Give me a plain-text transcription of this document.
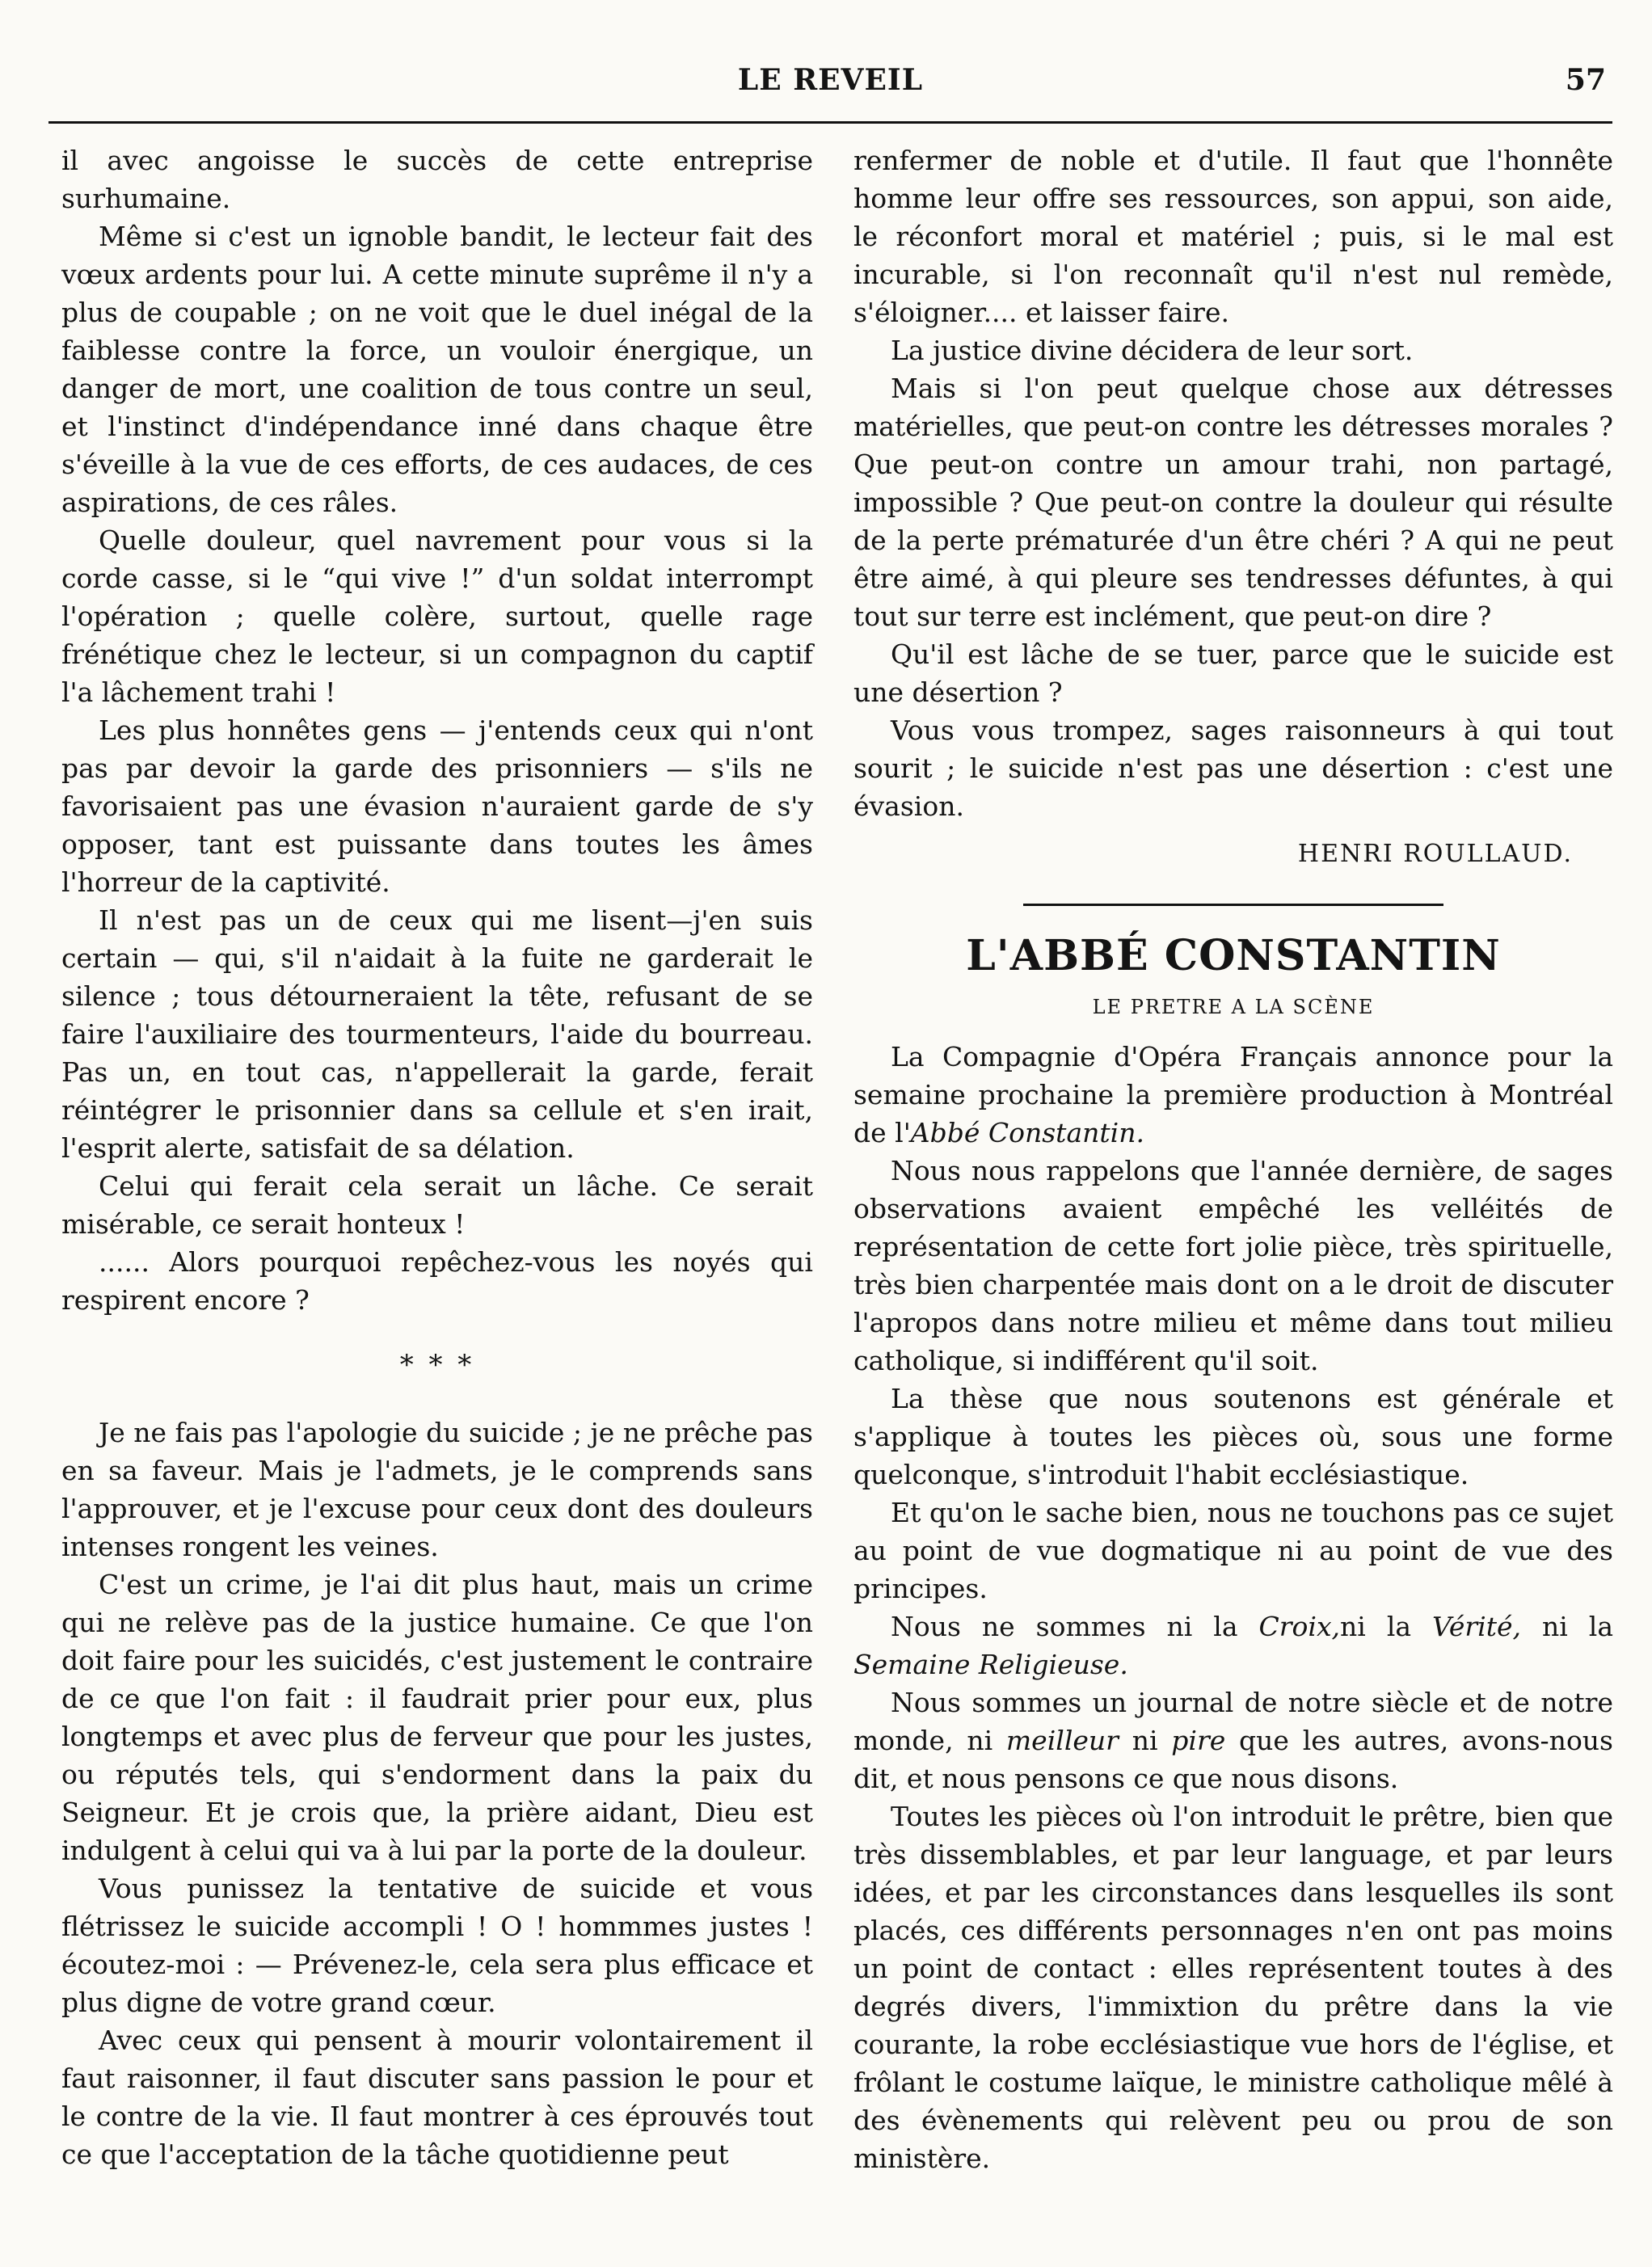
LE REVEIL	57

il avec angoisse le succès de cette entreprise surhumaine.

Même si c'est un ignoble bandit, le lecteur fait des vœux ardents pour lui. A cette minute suprême il n'y a plus de coupable ; on ne voit que le duel inégal de la faiblesse contre la force, un vouloir énergique, un danger de mort, une coalition de tous contre un seul, et l'instinct d'indépendance inné dans chaque être s'éveille à la vue de ces efforts, de ces audaces, de ces aspirations, de ces râles.

Quelle douleur, quel navrement pour vous si la corde casse, si le “qui vive !” d'un soldat interrompt l'opération ; quelle colère, surtout, quelle rage frénétique chez le lecteur, si un compagnon du captif l'a lâchement trahi !

Les plus honnêtes gens — j'entends ceux qui n'ont pas par devoir la garde des prisonniers — s'ils ne favorisaient pas une évasion n'auraient garde de s'y opposer, tant est puissante dans toutes les âmes l'horreur de la captivité.

Il n'est pas un de ceux qui me lisent—j'en suis certain — qui, s'il n'aidait à la fuite ne garderait le silence ; tous détourneraient la tête, refusant de se faire l'auxiliaire des tourmenteurs, l'aide du bourreau. Pas un, en tout cas, n'appellerait la garde, ferait réintégrer le prisonnier dans sa cellule et s'en irait, l'esprit alerte, satisfait de sa délation.

Celui qui ferait cela serait un lâche. Ce serait misérable, ce serait honteux !

...... Alors pourquoi repêchez-vous les noyés qui respirent encore ?

* * *

Je ne fais pas l'apologie du suicide ; je ne prêche pas en sa faveur. Mais je l'admets, je le comprends sans l'approuver, et je l'excuse pour ceux dont des douleurs intenses rongent les veines.

C'est un crime, je l'ai dit plus haut, mais un crime qui ne relève pas de la justice humaine. Ce que l'on doit faire pour les suicidés, c'est justement le contraire de ce que l'on fait : il faudrait prier pour eux, plus longtemps et avec plus de ferveur que pour les justes, ou réputés tels, qui s'endorment dans la paix du Seigneur. Et je crois que, la prière aidant, Dieu est indulgent à celui qui va à lui par la porte de la douleur.

Vous punissez la tentative de suicide et vous flétrissez le suicide accompli ! O ! hommmes justes ! écoutez-moi : — Prévenez-le, cela sera plus efficace et plus digne de votre grand cœur.

Avec ceux qui pensent à mourir volontairement il faut raisonner, il faut discuter sans passion le pour et le contre de la vie. Il faut montrer à ces éprouvés tout ce que l'acceptation de la tâche quotidienne peut

renfermer de noble et d'utile. Il faut que l'honnête homme leur offre ses ressources, son appui, son aide, le réconfort moral et matériel ; puis, si le mal est incurable, si l'on reconnaît qu'il n'est nul remède, s'éloigner.... et laisser faire.

La justice divine décidera de leur sort.

Mais si l'on peut quelque chose aux détresses matérielles, que peut-on contre les détresses morales ? Que peut-on contre un amour trahi, non partagé, impossible ? Que peut-on contre la douleur qui résulte de la perte prématurée d'un être chéri ? A qui ne peut être aimé, à qui pleure ses tendresses défuntes, à qui tout sur terre est inclément, que peut-on dire ?

Qu'il est lâche de se tuer, parce que le suicide est une désertion ?

Vous vous trompez, sages raisonneurs à qui tout sourit ; le suicide n'est pas une désertion : c'est une évasion.

HENRI ROULLAUD.
L'ABBÉ CONSTANTIN
LE PRETRE A LA SCÈNE

La Compagnie d'Opéra Français annonce pour la semaine prochaine la première production à Montréal de l'Abbé Constantin.

Nous nous rappelons que l'année dernière, de sages observations avaient empêché les velléités de représentation de cette fort jolie pièce, très spirituelle, très bien charpentée mais dont on a le droit de discuter l'apropos dans notre milieu et même dans tout milieu catholique, si indifférent qu'il soit.

La thèse que nous soutenons est générale et s'applique à toutes les pièces où, sous une forme quelconque, s'introduit l'habit ecclésiastique.

Et qu'on le sache bien, nous ne touchons pas ce sujet au point de vue dogmatique ni au point de vue des principes.

Nous ne sommes ni la Croix,ni la Vérité, ni la Semaine Religieuse.

Nous sommes un journal de notre siècle et de notre monde, ni meilleur ni pire que les autres, avons-nous dit, et nous pensons ce que nous disons.

Toutes les pièces où l'on introduit le prêtre, bien que très dissemblables, et par leur language, et par leurs idées, et par les circonstances dans lesquelles ils sont placés, ces différents personnages n'en ont pas moins un point de contact : elles représentent toutes à des degrés divers, l'immixtion du prêtre dans la vie courante, la robe ecclésiastique vue hors de l'église, et frôlant le costume laïque, le ministre catholique mêlé à des évènements qui relèvent peu ou prou de son ministère.
